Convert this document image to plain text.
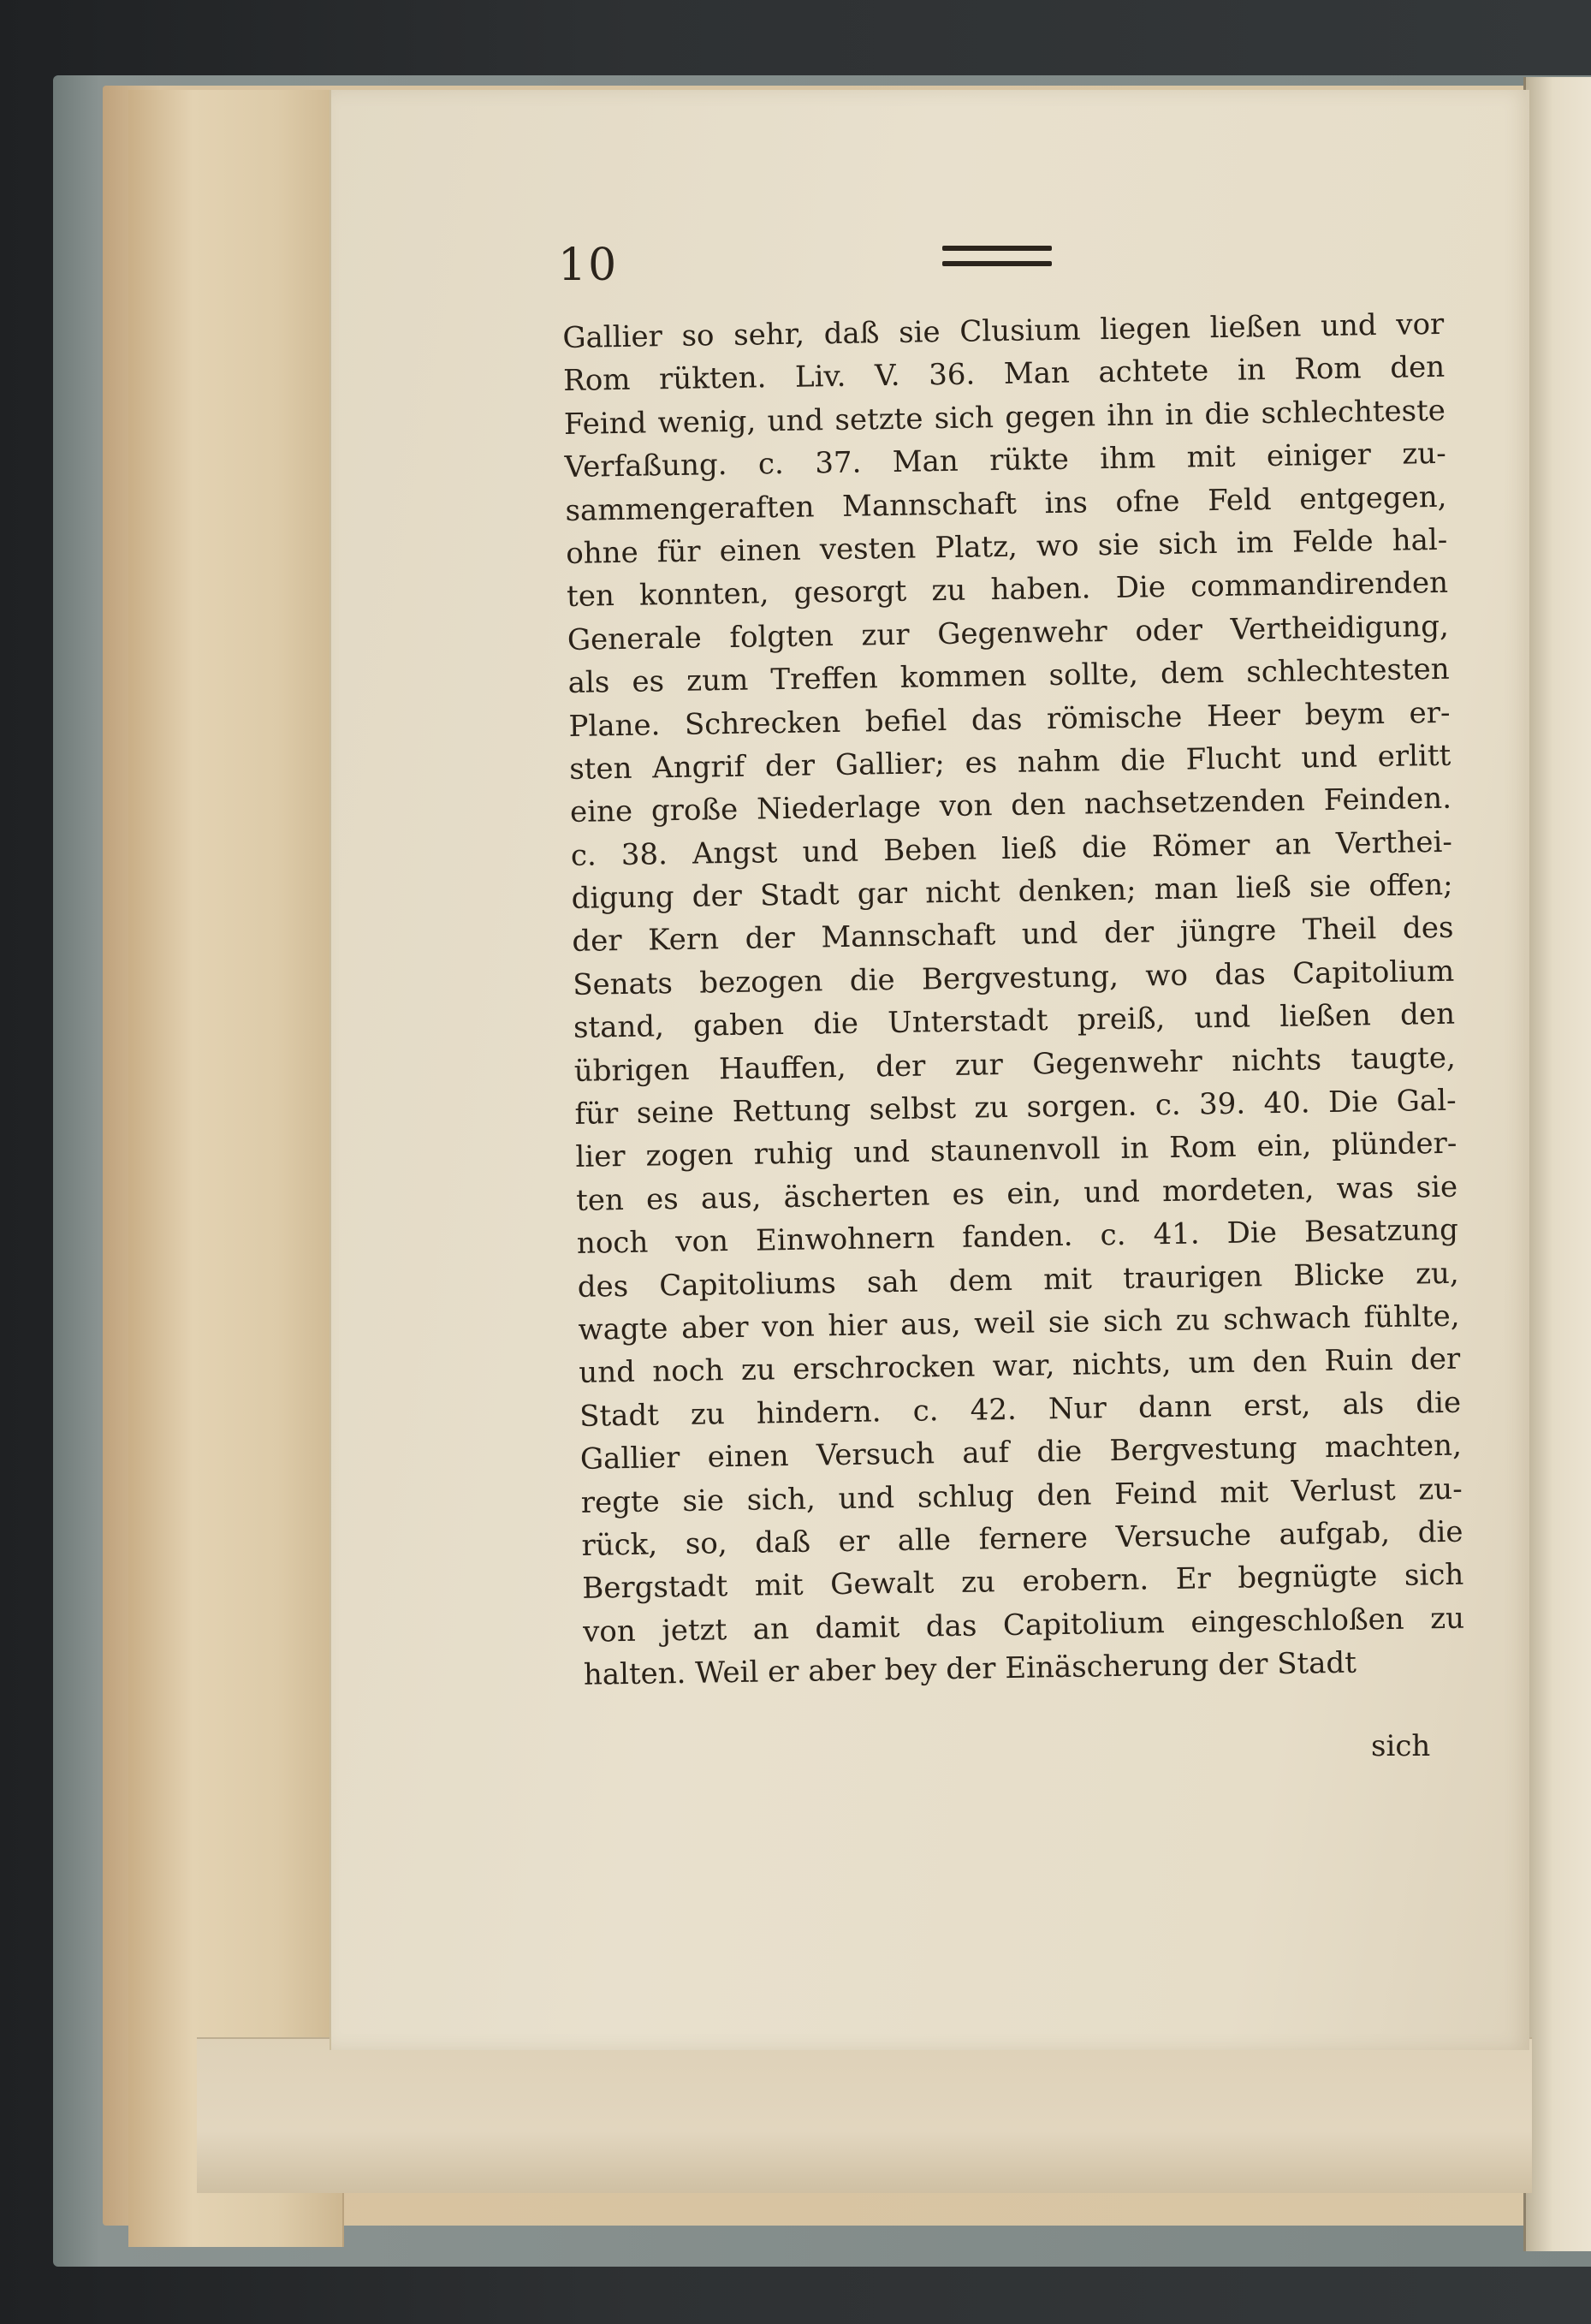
10
Gallier so sehr, daß sie Clusium liegen ließen und vor
Rom rükten. Liv. V. 36. Man achtete in Rom den
Feind wenig, und setzte sich gegen ihn in die schlechteste
Verfaßung. c. 37. Man rükte ihm mit einiger zu-
sammengeraften Mannschaft ins ofne Feld entgegen,
ohne für einen vesten Platz, wo sie sich im Felde hal-
ten konnten, gesorgt zu haben. Die commandirenden
Generale folgten zur Gegenwehr oder Vertheidigung,
als es zum Treffen kommen sollte, dem schlechtesten
Plane. Schrecken befiel das römische Heer beym er-
sten Angrif der Gallier; es nahm die Flucht und erlitt
eine große Niederlage von den nachsetzenden Feinden.
c. 38. Angst und Beben ließ die Römer an Verthei-
digung der Stadt gar nicht denken; man ließ sie offen;
der Kern der Mannschaft und der jüngre Theil des
Senats bezogen die Bergvestung, wo das Capitolium
stand, gaben die Unterstadt preiß, und ließen den
übrigen Hauffen, der zur Gegenwehr nichts taugte,
für seine Rettung selbst zu sorgen. c. 39. 40. Die Gal-
lier zogen ruhig und staunenvoll in Rom ein, plünder-
ten es aus, äscherten es ein, und mordeten, was sie
noch von Einwohnern fanden. c. 41. Die Besatzung
des Capitoliums sah dem mit traurigen Blicke zu,
wagte aber von hier aus, weil sie sich zu schwach fühlte,
und noch zu erschrocken war, nichts, um den Ruin der
Stadt zu hindern. c. 42. Nur dann erst, als die
Gallier einen Versuch auf die Bergvestung machten,
regte sie sich, und schlug den Feind mit Verlust zu-
rück, so, daß er alle fernere Versuche aufgab, die
Bergstadt mit Gewalt zu erobern. Er begnügte sich
von jetzt an damit das Capitolium eingeschloßen zu
halten. Weil er aber bey der Einäscherung der Stadt
sich
